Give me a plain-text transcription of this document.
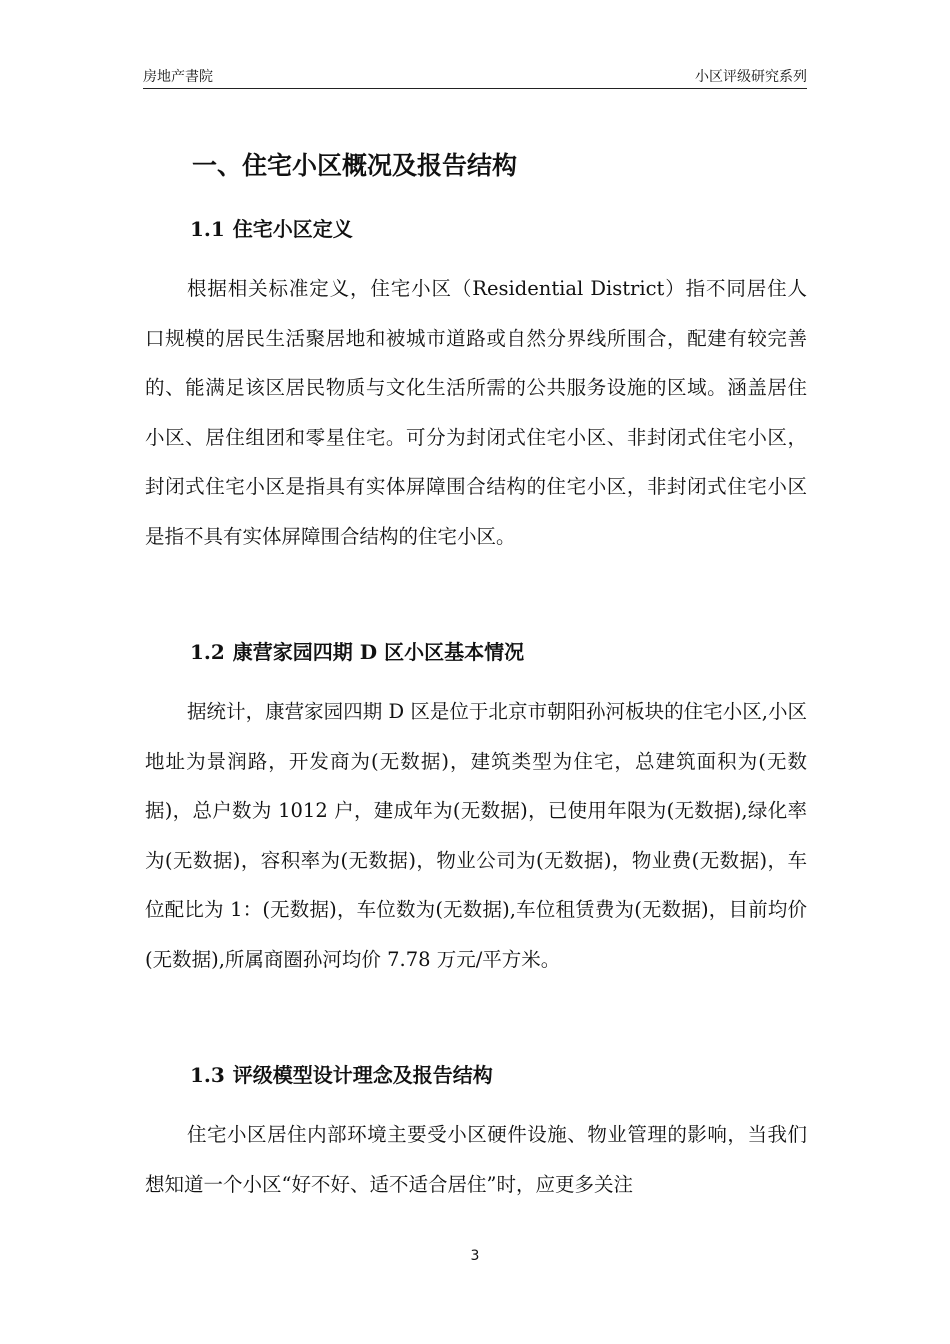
房地产書院	小区评级研究系列
一、住宅小区概况及报告结构
1.1 住宅小区定义

根据相关标准定义，住宅小区（Residential District）指不同居住人口规模的居民生活聚居地和被城市道路或自然分界线所围合，配建有较完善的、能满足该区居民物质与文化生活所需的公共服务设施的区域。涵盖居住小区、居住组团和零星住宅。可分为封闭式住宅小区、非封闭式住宅小区，封闭式住宅小区是指具有实体屏障围合结构的住宅小区，非封闭式住宅小区是指不具有实体屏障围合结构的住宅小区。

1.2 康营家园四期 D 区小区基本情况

据统计，康营家园四期 D 区是位于北京市朝阳孙河板块的住宅小区,小区地址为景润路，开发商为(无数据)，建筑类型为住宅，总建筑面积为(无数据)，总户数为 1012 户，建成年为(无数据)，已使用年限为(无数据),绿化率为(无数据)，容积率为(无数据)，物业公司为(无数据)，物业费(无数据)，车位配比为 1：(无数据)，车位数为(无数据),车位租赁费为(无数据)，目前均价(无数据),所属商圈孙河均价 7.78 万元/平方米。

1.3 评级模型设计理念及报告结构

住宅小区居住内部环境主要受小区硬件设施、物业管理的影响，当我们想知道一个小区“好不好、适不适合居住”时，应更多关注

3
